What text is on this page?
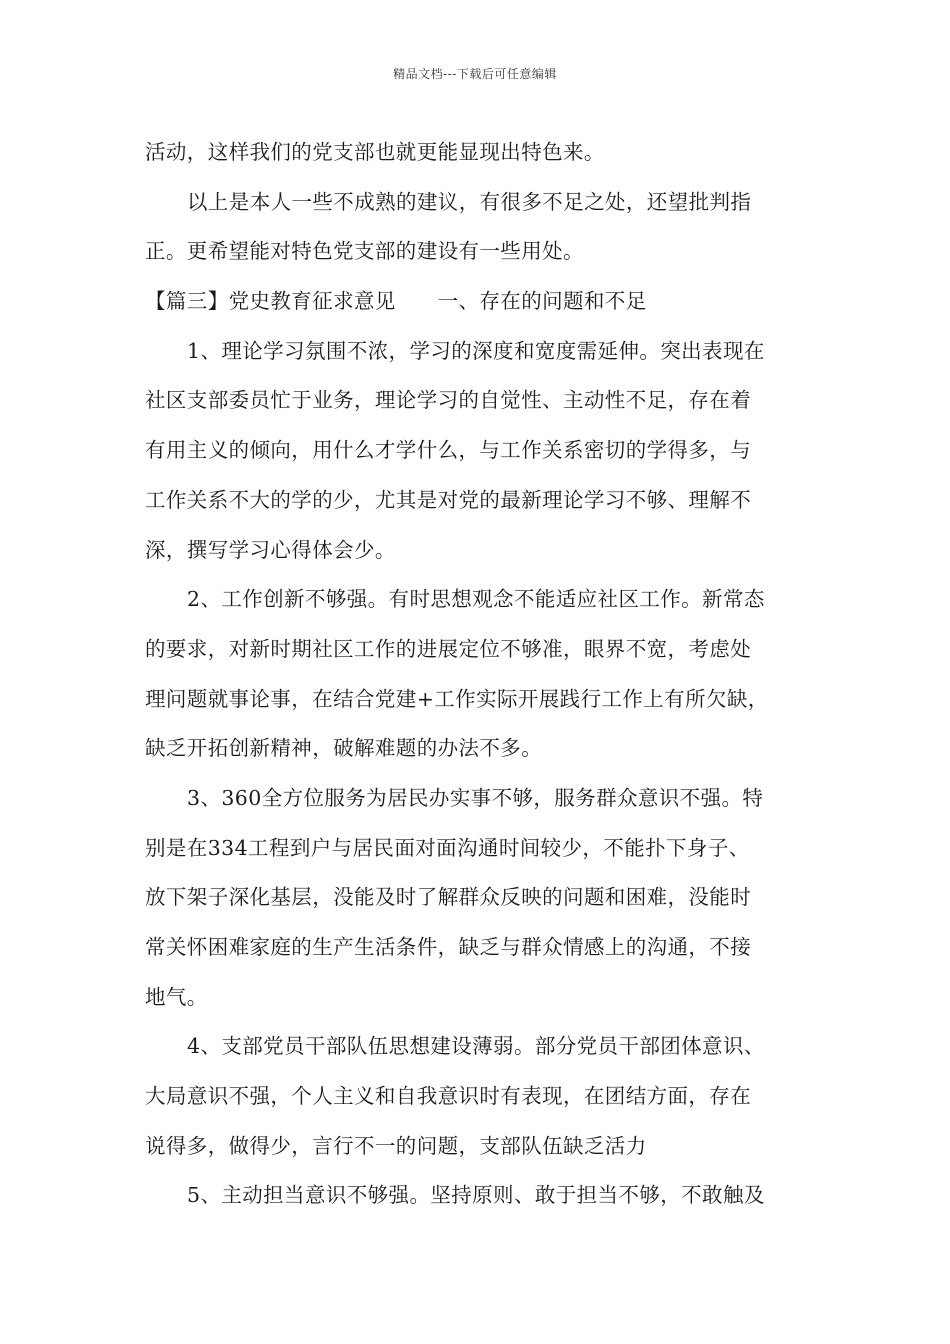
精品文档---下载后可任意编辑
活动，这样我们的党支部也就更能显现出特色来。
以上是本人一些不成熟的建议，有很多不足之处，还望批判指
正。更希望能对特色党支部的建设有一些用处。
【篇三】党史教育征求意见　　一、存在的问题和不足
1、理论学习氛围不浓，学习的深度和宽度需延伸。突出表现在
社区支部委员忙于业务，理论学习的自觉性、主动性不足，存在着
有用主义的倾向，用什么才学什么，与工作关系密切的学得多，与
工作关系不大的学的少，尤其是对党的最新理论学习不够、理解不
深，撰写学习心得体会少。
2、工作创新不够强。有时思想观念不能适应社区工作。新常态
的要求，对新时期社区工作的进展定位不够准，眼界不宽，考虑处
理问题就事论事，在结合党建+工作实际开展践行工作上有所欠缺，
缺乏开拓创新精神，破解难题的办法不多。
3、360全方位服务为居民办实事不够，服务群众意识不强。特
别是在334工程到户与居民面对面沟通时间较少，不能扑下身子、
放下架子深化基层，没能及时了解群众反映的问题和困难，没能时
常关怀困难家庭的生产生活条件，缺乏与群众情感上的沟通，不接
地气。
4、支部党员干部队伍思想建设薄弱。部分党员干部团体意识、
大局意识不强，个人主义和自我意识时有表现，在团结方面，存在
说得多，做得少，言行不一的问题，支部队伍缺乏活力
5、主动担当意识不够强。坚持原则、敢于担当不够，不敢触及
